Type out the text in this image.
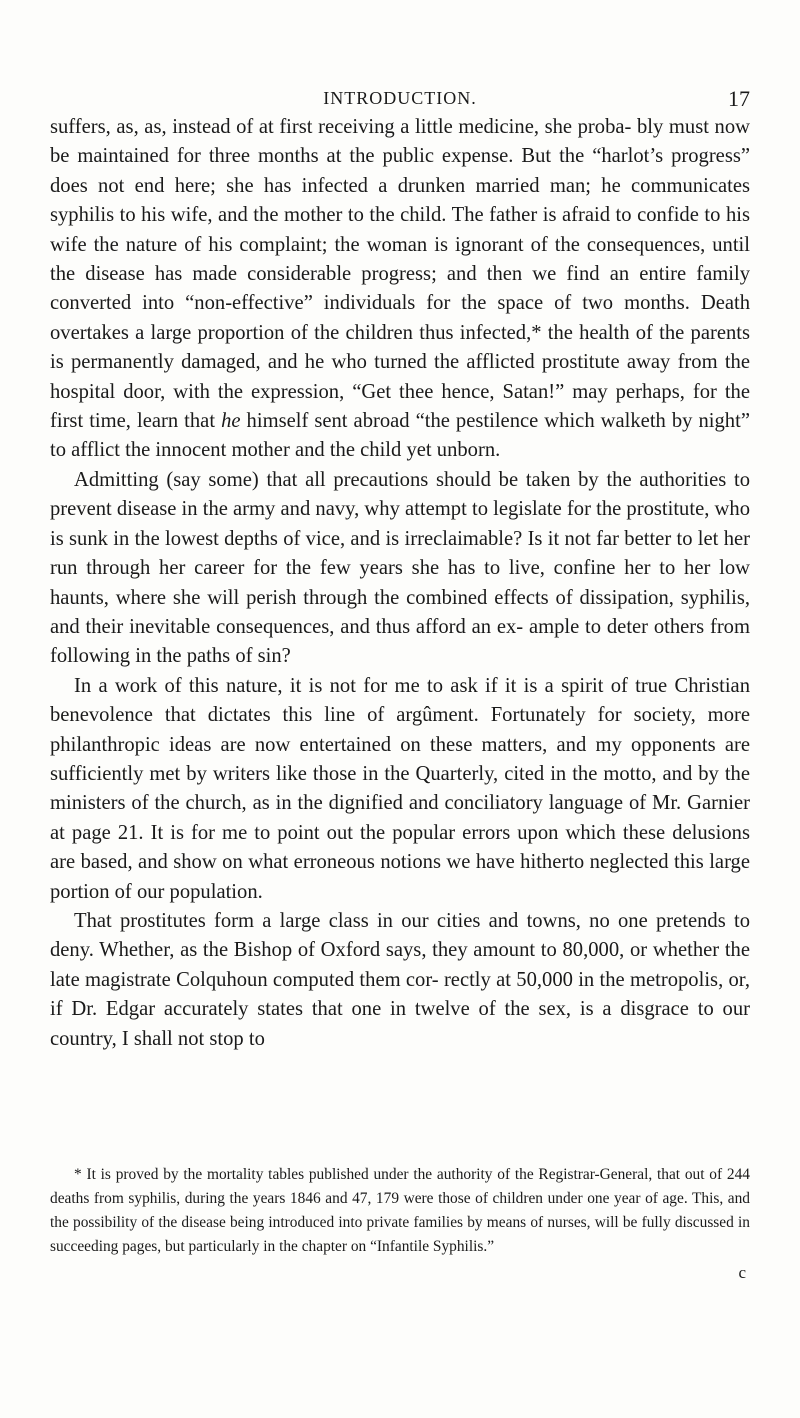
INTRODUCTION.	17

suffers, as, as, instead of at first receiving a little medicine, she proba- bly must now be maintained for three months at the public expense. But the “harlot’s progress” does not end here; she has infected a drunken married man; he communicates syphilis to his wife, and the mother to the child. The father is afraid to confide to his wife the nature of his complaint; the woman is ignorant of the consequences, until the disease has made considerable progress; and then we find an entire family converted into “non-effective” individuals for the space of two months. Death overtakes a large proportion of the children thus infected,* the health of the parents is permanently damaged, and he who turned the afflicted prostitute away from the hospital door, with the expression, “Get thee hence, Satan!” may perhaps, for the first time, learn that he himself sent abroad “the pestilence which walketh by night” to afflict the innocent mother and the child yet unborn.

Admitting (say some) that all precautions should be taken by the authorities to prevent disease in the army and navy, why attempt to legislate for the prostitute, who is sunk in the lowest depths of vice, and is irreclaimable? Is it not far better to let her run through her career for the few years she has to live, confine her to her low haunts, where she will perish through the combined effects of dissipation, syphilis, and their inevitable consequences, and thus afford an ex- ample to deter others from following in the paths of sin?

In a work of this nature, it is not for me to ask if it is a spirit of true Christian benevolence that dictates this line of argûment. Fortunately for society, more philanthropic ideas are now entertained on these matters, and my opponents are sufficiently met by writers like those in the Quarterly, cited in the motto, and by the ministers of the church, as in the dignified and conciliatory language of Mr. Garnier at page 21. It is for me to point out the popular errors upon which these delusions are based, and show on what erroneous notions we have hitherto neglected this large portion of our population.

That prostitutes form a large class in our cities and towns, no one pretends to deny. Whether, as the Bishop of Oxford says, they amount to 80,000, or whether the late magistrate Colquhoun computed them cor- rectly at 50,000 in the metropolis, or, if Dr. Edgar accurately states that one in twelve of the sex, is a disgrace to our country, I shall not stop to

* It is proved by the mortality tables published under the authority of the Registrar-General, that out of 244 deaths from syphilis, during the years 1846 and 47, 179 were those of children under one year of age. This, and the possibility of the disease being introduced into private families by means of nurses, will be fully discussed in succeeding pages, but particularly in the chapter on “Infantile Syphilis.”

c
